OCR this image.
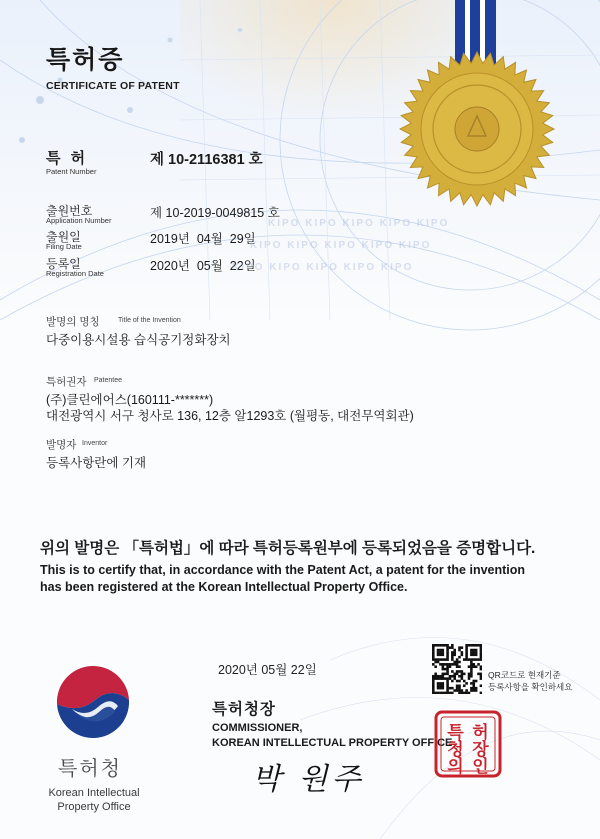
특허증
CERTIFICATE OF PATENT
특 허
Patent Number
제 10-2116381 호
출원번호
Application Number
제 10-2019-0049815 호
출원일
Filing Date
2019년  04월  29일
등록일
Registration Date
2020년  05월  22일
KIPO KIPO KIPO KIPO KIPO
KIPO KIPO KIPO KIPO KIPO
KIPO KIPO KIPO KIPO KIPO
발명의 명칭	Title of the Invention
다중이용시설용 습식공기정화장치
특허권자 Patentee
(주)클린에어스(160111-*******)
대전광역시 서구 청사로 136, 12층 알1293호 (월평동, 대전무역회관)
발명자 Inventor
등록사항란에 기재
위의 발명은 「특허법」에 따라 특허등록원부에 등록되었음을 증명합니다.
This is to certify that, in accordance with the Patent Act, a patent for the invention
has been registered at the Korean Intellectual Property Office.
2020년 05월 22일	QR코드로 현재기준
등록사항을 확인하세요
특허청장
COMMISSIONER,
KOREAN INTELLECTUAL PROPERTY OFFICE
박 원주
특 허
청 장
의 인
특허청
Korean Intellectual
Property Office
